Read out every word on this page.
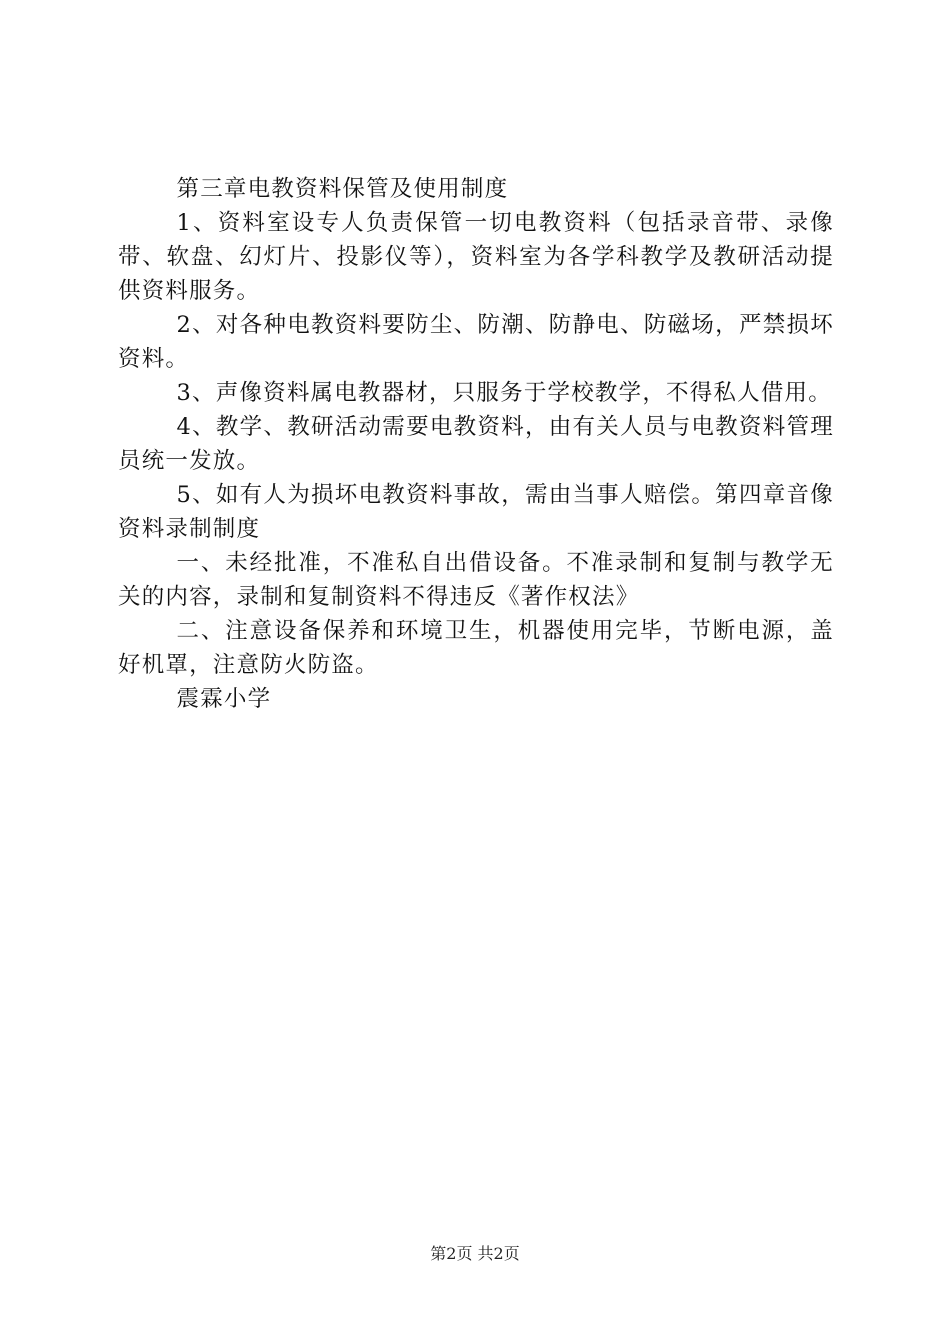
第三章电教资料保管及使用制度

1、资料室设专人负责保管一切电教资料（包括录音带、录像带、软盘、幻灯片、投影仪等），资料室为各学科教学及教研活动提供资料服务。

2、对各种电教资料要防尘、防潮、防静电、防磁场，严禁损坏资料。

3、声像资料属电教器材，只服务于学校教学，不得私人借用。

4、教学、教研活动需要电教资料，由有关人员与电教资料管理员统一发放。

5、如有人为损坏电教资料事故，需由当事人赔偿。第四章音像资料录制制度

一、未经批准，不准私自出借设备。不准录制和复制与教学无关的内容，录制和复制资料不得违反《著作权法》

二、注意设备保养和环境卫生，机器使用完毕，节断电源，盖好机罩，注意防火防盗。

震霖小学

第2页 共2页
